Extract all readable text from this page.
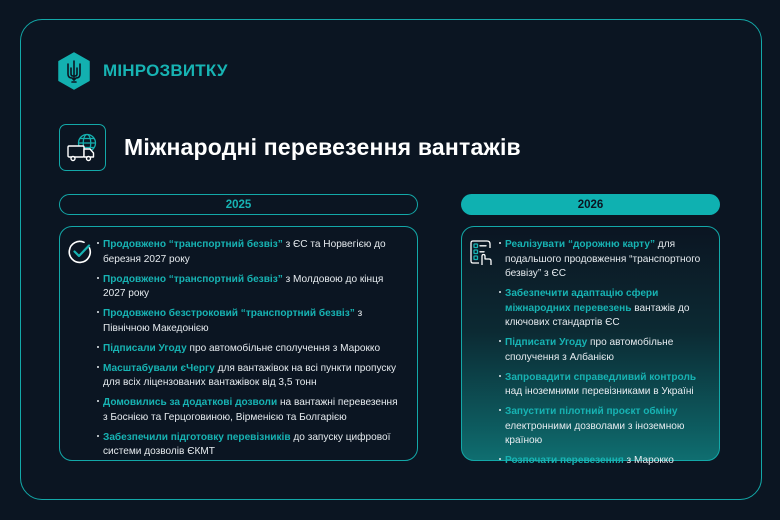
МІНРОЗВИТКУ
Міжнародні перевезення вантажів
2025	2026
Продовжено “транспортний безвіз” з ЄС та Норвегією до березня 2027 року
Продовжено “транспортний безвіз” з Молдовою до кінця 2027 року
Продовжено безстроковий “транспортний безвіз” з Північною Македонією
Підписали Угоду про автомобільне сполучення з Марокко
Масштабували єЧергу для вантажівок на всі пункти пропуску для всіх ліцензованих вантажівок від 3,5 тонн
Домовились за додаткові дозволи на вантажні перевезення з Боснією та Герцоговиною, Вірменією та Болгарією
Забезпечили підготовку перевізників до запуску цифрової системи дозволів ЄКМТ
Реалізувати “дорожню карту” для подальшого продовження “транспортного безвізу” з ЄС
Забезпечити адаптацію сфери міжнародних перевезень вантажів до ключових стандартів ЄС
Підписати Угоду про автомобільне сполучення з Албанією
Запровадити справедливий контроль над іноземними перевізниками в Україні
Запустити пілотний проєкт обміну електронними дозволами з іноземною країною
Розпочати перевезення з Марокко
